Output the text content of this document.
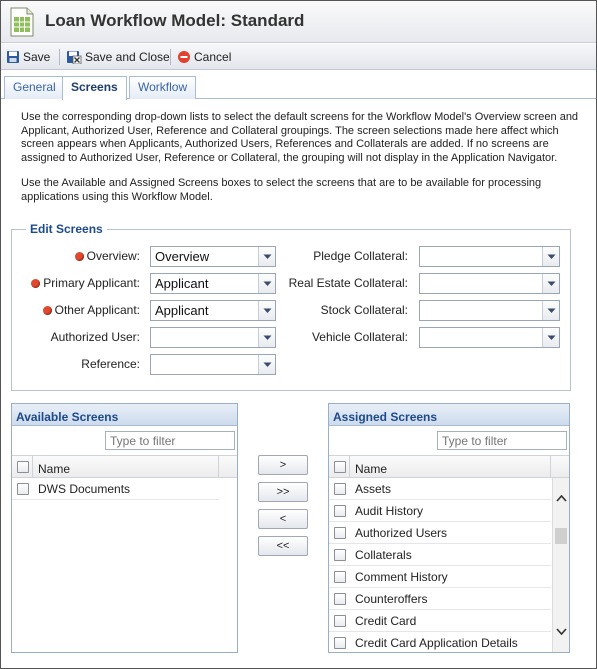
Loan Workflow Model: Standard
Save	Save and Close Cancel
General	Screens	Workflow
Use the corresponding drop-down lists to select the default screens for the Workflow Model's Overview screen and Applicant, Authorized User, Reference and Collateral groupings. The screen selections made here affect which screen appears when Applicants, Authorized Users, References and Collaterals are added. If no screens are assigned to Authorized User, Reference or Collateral, the grouping will not display in the Application Navigator.
Use the Available and Assigned Screens boxes to select the screens that are to be available for processing applications using this Workflow Model.
Edit Screens
Overview: Overview
Primary Applicant: Applicant
Other Applicant: Applicant
Authorized User:
Reference:
Pledge Collateral:
Real Estate Collateral:
Stock Collateral:
Vehicle Collateral:
Available Screens
Type to filter
Name
DWS Documents
>
>>
<
<<
Assigned Screens
Type to filter
Name
Assets
Audit History
Authorized Users
Collaterals
Comment History
Counteroffers
Credit Card
Credit Card Application Details
